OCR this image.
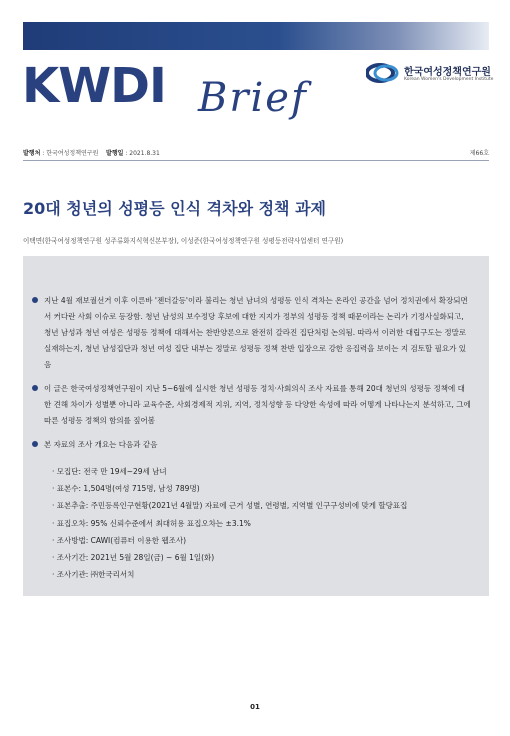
KWDI Brief
한국여성정책연구원
Korean Women's Development Institute
발행처 : 한국여성정책연구원 발행일 : 2021.8.31	제66호
20대 청년의 성평등 인식 격차와 정책 과제
이택면(한국여성정책연구원 성주류화지식혁신본부장), 이성준(한국여성정책연구원 성평등전략사업센터 연구원)
지난 4월 재보궐선거 이후 이른바 '젠더갈등'이라 불리는 청년 남녀의 성평등 인식 격차는 온라인 공간을 넘어 정치권에서 확장되면서 커다란 사회 이슈로 등장함. 청년 남성의 보수정당 후보에 대한 지지가 정부의 성평등 정책 때문이라는 논리가 기정사실화되고, 청년 남성과 청년 여성은 성평등 정책에 대해서는 찬반양론으로 완전히 갈라진 집단처럼 논의됨. 따라서 이러한 대립구도는 정말로 실재하는지, 청년 남성집단과 청년 여성 집단 내부는 정말로 성평등 정책 찬반 입장으로 강한 응집력을 보이는 지 검토할 필요가 있음
이 글은 한국여성정책연구원이 지난 5~6월에 실시한 청년 성평등 정치·사회의식 조사 자료를 통해 20대 청년의 성평등 정책에 대한 견해 차이가 성별뿐 아니라 교육수준, 사회경제적 지위, 지역, 정치성향 등 다양한 속성에 따라 어떻게 나타나는지 분석하고, 그에 따른 성평등 정책의 함의를 짚어봄
본 자료의 조사 개요는 다음과 같음
· 모집단: 전국 만 19세~29세 남녀
· 표본수: 1,504명(여성 715명, 남성 789명)
· 표본추출: 주민등록인구현황(2021년 4월말) 자료에 근거 성별, 연령별, 지역별 인구구성비에 맞게 할당표집
· 표집오차: 95% 신뢰수준에서 최대허용 표집오차는 ±3.1%
· 조사방법: CAWI(컴퓨터 이용한 웹조사)
· 조사기간: 2021년 5월 28일(금) ~ 6월 1일(화)
· 조사기관: ㈜한국리서치
01
